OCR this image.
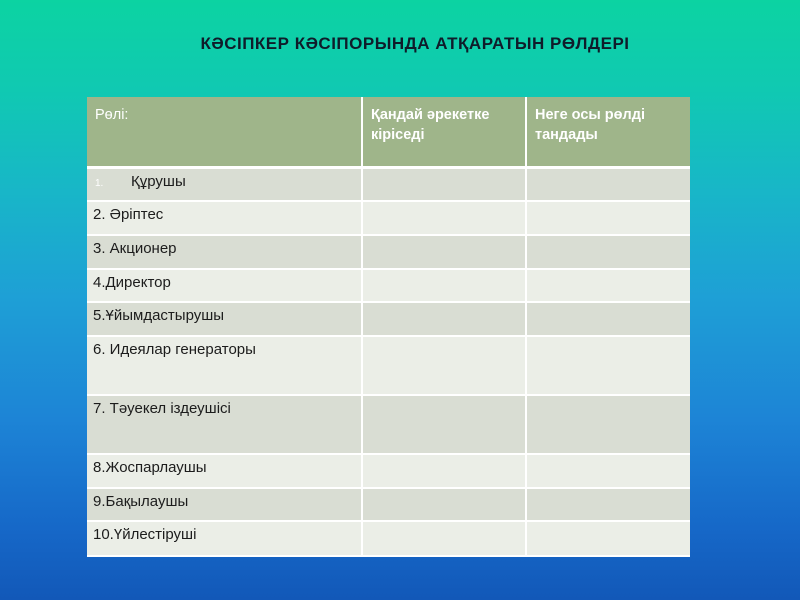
КӘСІПКЕР КӘСІПОРЫНДА АТҚАРАТЫН РӨЛДЕРІ
Рөлі:	Қандай әрекетке кіріседі	Неге осы рөлді тандады
1. Құрушы		
2. Әріптес		
3. Акционер		
4.Директор		
5.Ұйымдастырушы		
6. Идеялар генераторы		
7. Тәуекел іздеушісі		
8.Жоспарлаушы		
9.Бақылаушы		
10.Үйлестіруші		
